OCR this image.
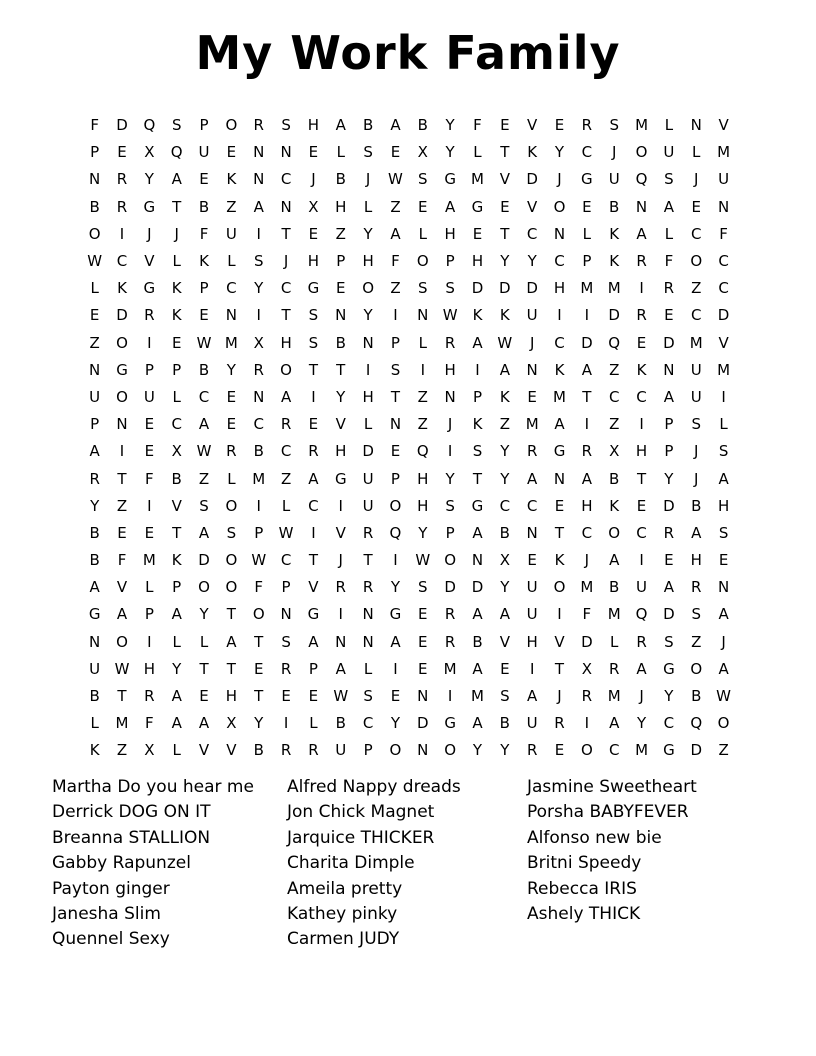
My Work Family
F	D	Q	S	P	O	R	S	H	A	B	A	B	Y	F	E	V	E	R	S	M	L	N	V
P	E	X	Q	U	E	N	N	E	L	S	E	X	Y	L	T	K	Y	C	J	O	U	L	M
N	R	Y	A	E	K	N	C	J	B	J	W	S	G	M	V	D	J	G	U	Q	S	J	U
B	R	G	T	B	Z	A	N	X	H	L	Z	E	A	G	E	V	O	E	B	N	A	E	N
O	I	J	J	F	U	I	T	E	Z	Y	A	L	H	E	T	C	N	L	K	A	L	C	F
W C	V	L	K	L	S	J	H	P	H	F	O	P	H	Y	Y	C	P	K	R	F	O	C
L	K	G	K	P	C	Y	C	G	E	O	Z	S	S	D	D	D	H	M M	I	R	Z	C
E	D	R	K	E	N	I	T	S	N	Y	I	N W	K	K	U	I	I	D	R	E	C	D
Z	O	I	E	W M	X	H	S	B	N	P	L	R	A W	J	C	D	Q	E	D	M	V
N	G	P	P	B	Y	R	O	T	T	I	S	I	H	I	A	N	K	A	Z	K	N	U	M
U	O	U	L	C	E	N	A	I	Y	H	T	Z	N	P	K	E	M	T	C	C	A	U	I
P	N	E	C	A	E	C	R	E	V	L	N	Z	J	K	Z	M	A	I	Z	I	P	S	L
A	I	E	X W R	B	C	R	H	D	E	Q	I	S	Y	R	G	R	X	H	P	J	S
R	T	F	B	Z	L	M	Z	A	G	U	P	H	Y	T	Y	A	N	A	B	T	Y	J	A
Y	Z	I	V	S	O	I	L	C	I	U	O	H	S	G	C	C	E	H	K	E	D	B	H
B	E	E	T	A	S	P	W	I	V	R	Q	Y	P	A	B	N	T	C	O	C	R	A	S
B	F	M	K	D	O W C	T	J	T	I	W O	N	X	E	K	J	A	I	E	H	E
A	V	L	P	O	O	F	P	V	R	R	Y	S	D	D	Y	U	O M	B	U	A	R	N
G	A	P	A	Y	T	O	N	G	I	N	G	E	R	A	A	U	I	F	M Q	D	S	A
N	O	I	L	L	A	T	S	A	N	N	A	E	R	B	V	H	V	D	L	R	S	Z	J
U W H	Y	T	T	E	R	P	A	L	I	E	M	A	E	I	T	X	R	A	G	O	A
B	T	R	A	E	H	T	E	E	W	S	E	N	I	M	S	A	J	R	M	J	Y	B W
L	M	F	A	A	X	Y	I	L	B	C	Y	D	G	A	B	U	R	I	A	Y	C	Q	O
K	Z	X	L	V	V	B	R	R	U	P	O	N	O	Y	Y	R	E	O	C	M	G	D	Z
Martha Do you hear me
Derrick DOG ON IT
Breanna STALLION
Gabby Rapunzel
Payton ginger
Janesha Slim
Quennel Sexy
Alfred Nappy dreads
Jon Chick Magnet
Jarquice THICKER
Charita Dimple
Ameila pretty
Kathey pinky
Carmen JUDY
Jasmine Sweetheart
Porsha BABYFEVER
Alfonso new bie
Britni Speedy
Rebecca IRIS
Ashely THICK
